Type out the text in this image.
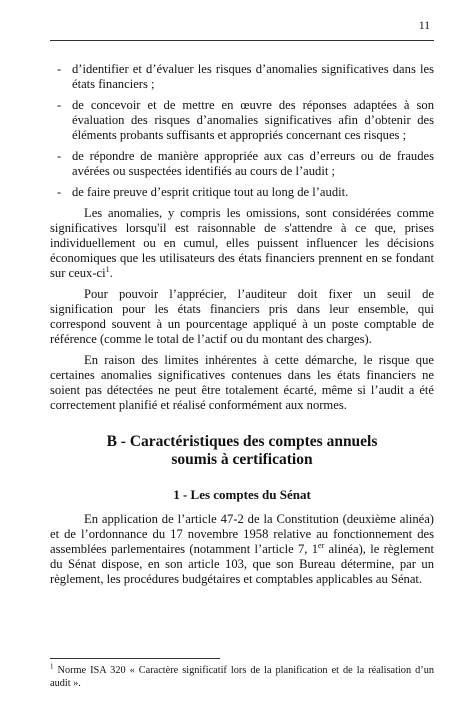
11
- d’identifier et d’évaluer les risques d’anomalies significatives dans les états financiers ;
- de concevoir et de mettre en œuvre des réponses adaptées à son évaluation des risques d’anomalies significatives afin d’obtenir des éléments probants suffisants et appropriés concernant ces risques ;
- de répondre de manière appropriée aux cas d’erreurs ou de fraudes avérées ou suspectées identifiés au cours de l’audit ;
- de faire preuve d’esprit critique tout au long de l’audit.

Les anomalies, y compris les omissions, sont considérées comme significatives lorsqu'il est raisonnable de s'attendre à ce que, prises individuellement ou en cumul, elles puissent influencer les décisions économiques que les utilisateurs des états financiers prennent en se fondant sur ceux-$ci^1$.

Pour pouvoir l’apprécier, l’auditeur doit fixer un seuil de signification pour les états financiers pris dans leur ensemble, qui correspond souvent à un pourcentage appliqué à un poste comptable de référence (comme le total de l’actif ou du montant des charges).

En raison des limites inhérentes à cette démarche, le risque que certaines anomalies significatives contenues dans les états financiers ne soient pas détectées ne peut être totalement écarté, même si l’audit a été correctement planifié et réalisé conformément aux normes.

B - Caractéristiques des comptes annuels
soumis à certification
1 - Les comptes du Sénat

En application de l’article 47-2 de la Constitution (deuxième alinéa) et de l’ordonnance du 17 novembre 1958 relative au fonctionnement des assemblées parlementaires (notamment l’article 7, 1er alinéa), le règlement du Sénat dispose, en son article 103, que son Bureau détermine, par un règlement, les procédures budgétaires et comptables applicables au Sénat.

$^1$ Norme ISA 320 « Caractère significatif lors de la planification et de la réalisation d’un audit ».
